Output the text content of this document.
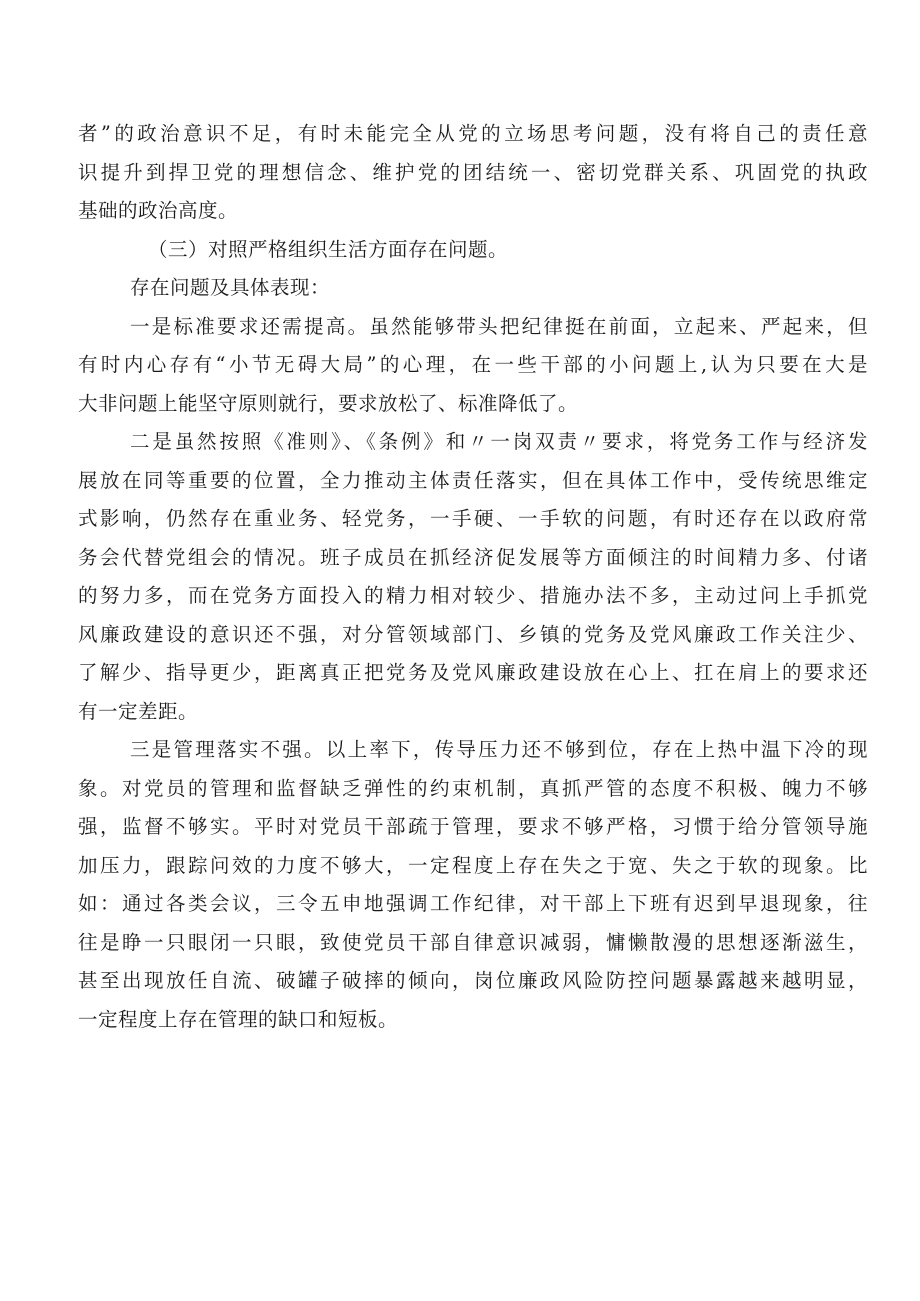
者”的政治意识不足，有时未能完全从党的立场思考问题，没有将自己的责任意
识提升到捍卫党的理想信念、维护党的团结统一、密切党群关系、巩固党的执政
基础的政治高度。
（三）对照严格组织生活方面存在问题。
存在问题及具体表现：
一是标准要求还需提高。虽然能够带头把纪律挺在前面，立起来、严起来，但
有时内心存有“小节无碍大局”的心理，在一些干部的小问题上,认为只要在大是
大非问题上能坚守原则就行，要求放松了、标准降低了。
二是虽然按照《准则》、《条例》和〃一岗双责〃要求，将党务工作与经济发
展放在同等重要的位置，全力推动主体责任落实，但在具体工作中，受传统思维定
式影响，仍然存在重业务、轻党务，一手硬、一手软的问题，有时还存在以政府常
务会代替党组会的情况。班子成员在抓经济促发展等方面倾注的时间精力多、付诸
的努力多，而在党务方面投入的精力相对较少、措施办法不多，主动过问上手抓党
风廉政建设的意识还不强，对分管领域部门、乡镇的党务及党风廉政工作关注少、
了解少、指导更少，距离真正把党务及党风廉政建设放在心上、扛在肩上的要求还
有一定差距。
三是管理落实不强。以上率下，传导压力还不够到位，存在上热中温下冷的现
象。对党员的管理和监督缺乏弹性的约束机制，真抓严管的态度不积极、魄力不够
强，监督不够实。平时对党员干部疏于管理，要求不够严格，习惯于给分管领导施
加压力，跟踪问效的力度不够大，一定程度上存在失之于宽、失之于软的现象。比
如：通过各类会议，三令五申地强调工作纪律，对干部上下班有迟到早退现象，往
往是睁一只眼闭一只眼，致使党员干部自律意识减弱，慵懒散漫的思想逐渐滋生，
甚至出现放任自流、破罐子破摔的倾向，岗位廉政风险防控问题暴露越来越明显，
一定程度上存在管理的缺口和短板。
